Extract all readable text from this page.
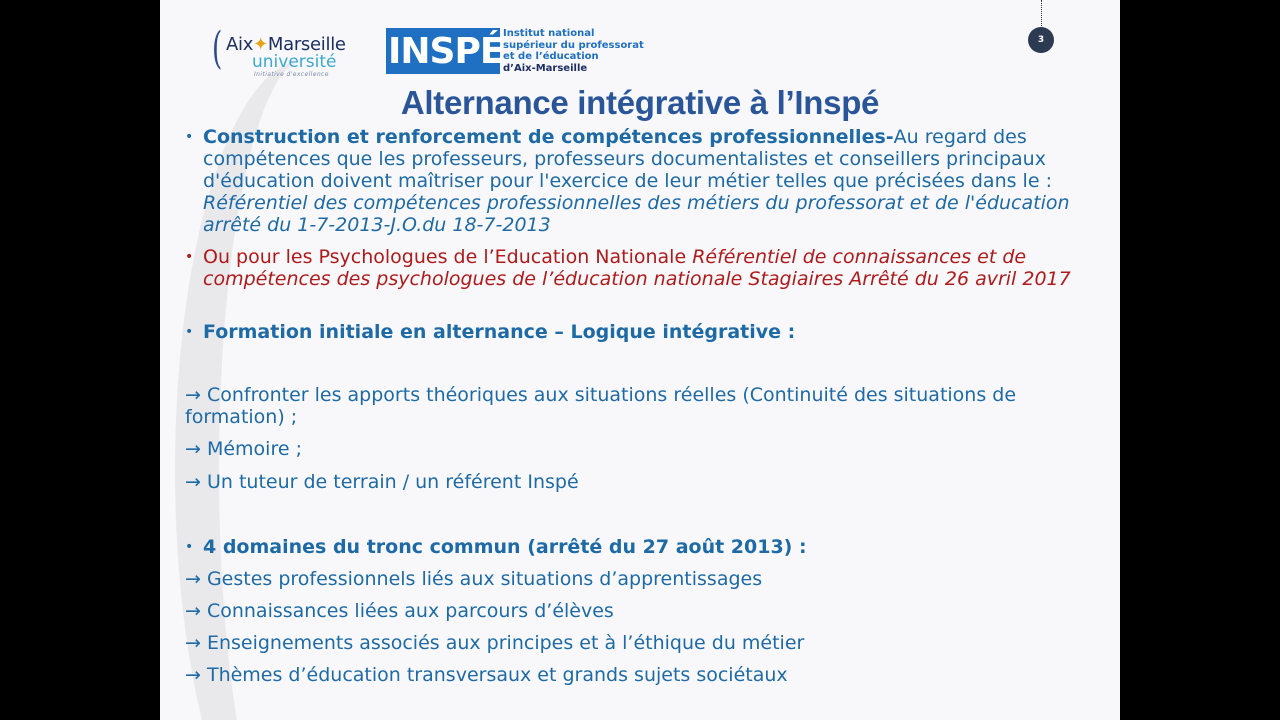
( Aix✦Marseille
université
Initiative d'excellence
INSPÉ Institut national
supérieur du professorat
et de l’éducation
d’Aix-Marseille
3
Alternance intégrative à l’Inspé
• Construction et renforcement de compétences professionnelles-Au regard des compétences que les professeurs, professeurs documentalistes et conseillers principaux d'éducation doivent maîtriser pour l'exercice de leur métier telles que précisées dans le : Référentiel des compétences professionnelles des métiers du professorat et de l'éducation arrêté du 1-7-2013-J.O.du 18-7-2013
• Ou pour les Psychologues de l’Education Nationale Référentiel de connaissances et de compétences des psychologues de l’éducation nationale Stagiaires Arrêté du 26 avril 2017
• Formation initiale en alternance – Logique intégrative :
→ Confronter les apports théoriques aux situations réelles (Continuité des situations de formation) ;
→ Mémoire ;
→ Un tuteur de terrain / un référent Inspé
• 4 domaines du tronc commun (arrêté du 27 août 2013) :
→ Gestes professionnels liés aux situations d’apprentissages
→ Connaissances liées aux parcours d’élèves
→ Enseignements associés aux principes et à l’éthique du métier
→ Thèmes d’éducation transversaux et grands sujets sociétaux
